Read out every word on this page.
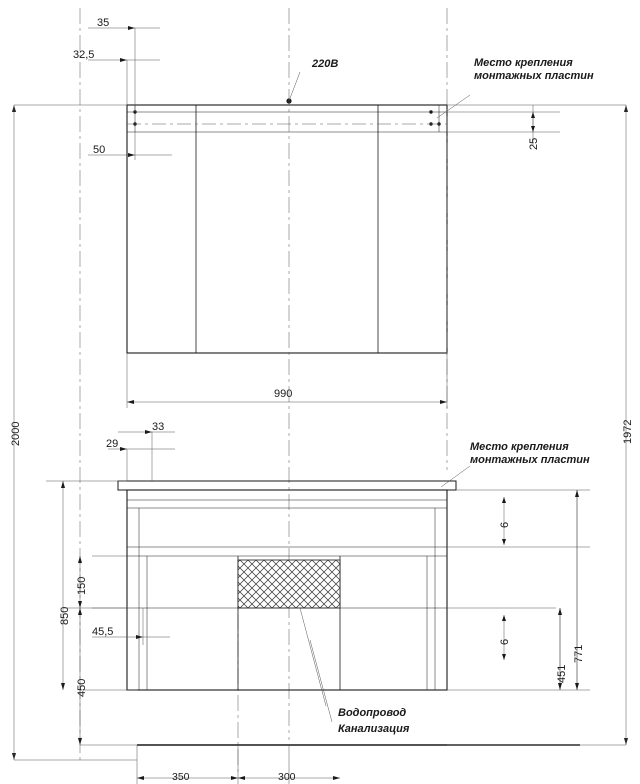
35
32,5
50	25
220В	Место крепления
монтажных пластин
990
2000	1972
33
29	Место крепления
монтажных пластин
6
6
150
850
450
45,5
771
451
Водопровод
Канализация
350	300
